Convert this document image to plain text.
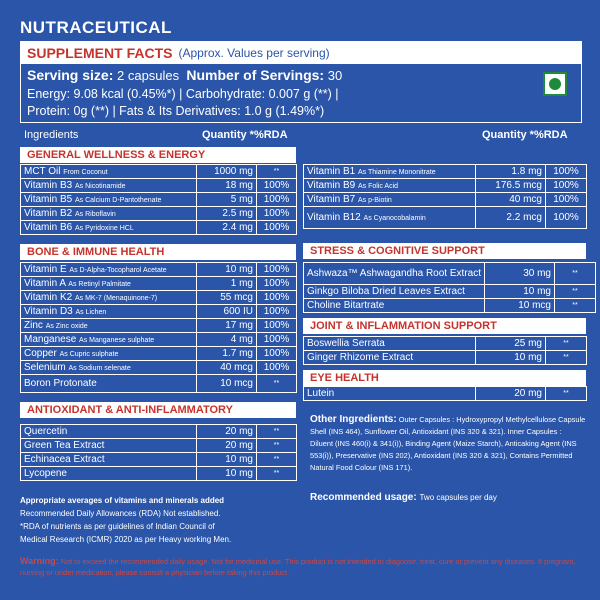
NUTRACEUTICAL
SUPPLEMENT FACTS (Approx. Values per serving)
Serving size: 2 capsules Number of Servings: 30
Energy: 9.08 kcal (0.45%*) | Carbohydrate: 0.007 g (**) |
Protein: 0g (**) | Fats & Its Derivatives: 1.0 g (1.49%*)
Ingredients	Quantity *%RDA	Quantity *%RDA
GENERAL WELLNESS & ENERGY
MCT Oil From Coconut	1000 mg	**
Vitamin B3 As Nicotinamide	18 mg	100%
Vitamin B5 As Calcium D-Pantothenate	5 mg	100%
Vitamin B2 As Riboflavin	2.5 mg	100%
Vitamin B6 As Pyridoxine HCL	2.4 mg	100%
BONE & IMMUNE HEALTH
Vitamin E As D-Alpha-Tocopharol Acetate	10 mg	100%
Vitamin A As Retinyl Palmitate	1 mg	100%
Vitamin K2 As MK-7 (Menaquinone-7)	55 mcg	100%
Vitamin D3 As Lichen	600 IU	100%
Zinc As Zinc oxide	17 mg	100%
Manganese As Manganese sulphate	4 mg	100%
Copper As Cupric sulphate	1.7 mg	100%
Selenium As Sodium selenate	40 mcg	100%
Boron Protonate	10 mcg	**
ANTIOXIDANT & ANTI-INFLAMMATORY
Quercetin	20 mg	**
Green Tea Extract	20 mg	**
Echinacea Extract	10 mg	**
Lycopene	10 mg	**
Vitamin B1 As Thiamine Mononitrate	1.8 mg	100%
Vitamin B9 As Folic Acid	176.5 mcg	100%
Vitamin B7 As p-Biotin	40 mcg	100%
Vitamin B12 As Cyanocobalamin	2.2 mcg	100%
STRESS & COGNITIVE SUPPORT
Ashwaza™ Ashwagandha Root Extract	30 mg	**
Ginkgo Biloba Dried Leaves Extract	10 mg	**
Choline Bitartrate	10 mcg	**
JOINT & INFLAMMATION SUPPORT
Boswellia Serrata	25 mg	**
Ginger Rhizome Extract	10 mg	**
EYE HEALTH
Lutein	20 mg	**
Other Ingredients: Outer Capsules : Hydroxypropyl Methylcellulose Capsule Shell (INS 464), Sunflower Oil, Antioxidant (INS 320 & 321). Inner Capsules : Diluent (INS 460(i) & 341(i)), Binding Agent (Maize Starch), Anticaking Agent (INS 553(i)), Preservative (INS 202), Antioxidant (INS 320 & 321), Contains Permitted Natural Food Colour (INS 171).
Recommended usage: Two capsules per day
Appropriate averages of vitamins and minerals added
Recommended Daily Allowances (RDA) Not established.
*RDA of nutrients as per guidelines of Indian Council of
Medical Research (ICMR) 2020 as per Heavy working Men.
Warning: Not to exceed the recommended daily usage. Not for medicinal use. This product is not intended to diagnose, treat, cure or prevent any diseases. If pregnant, nursing or under medication, please consult a physician before taking this product.
